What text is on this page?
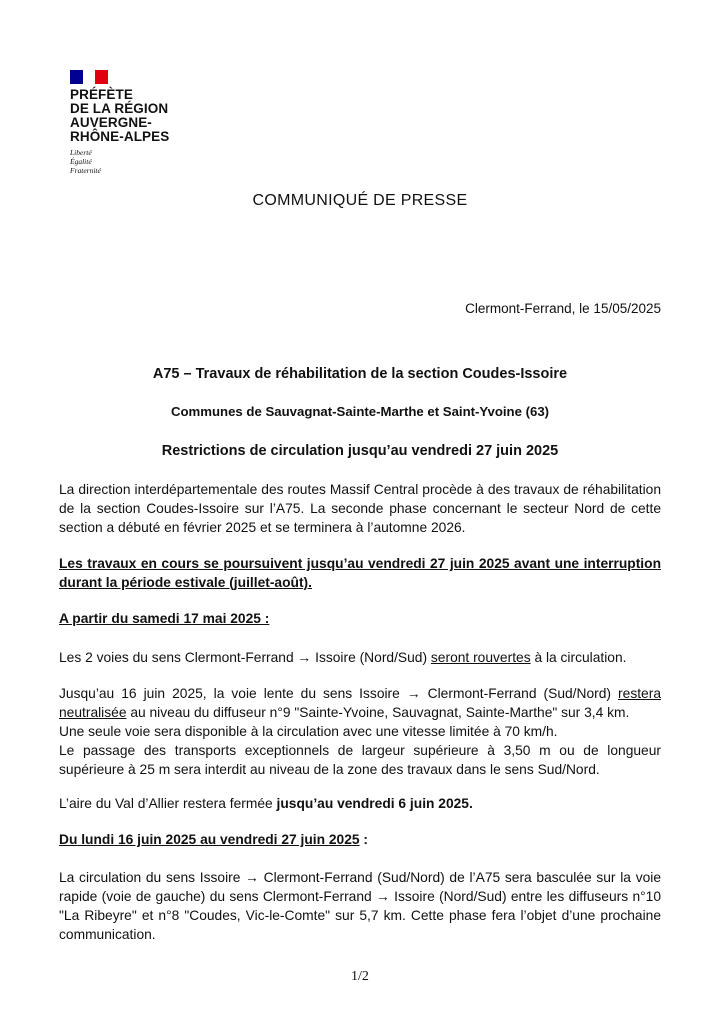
PRÉFÈTE
DE LA RÉGION
AUVERGNE-
RHÔNE-ALPES
Liberté
Égalité
Fraternité
COMMUNIQUÉ DE PRESSE
Clermont-Ferrand, le 15/05/2025
A75 – Travaux de réhabilitation de la section Coudes-Issoire
Communes de Sauvagnat-Sainte-Marthe et Saint-Yvoine (63)
Restrictions de circulation jusqu’au vendredi 27 juin 2025
La direction interdépartementale des routes Massif Central procède à des travaux de réhabilitation de la section Coudes-Issoire sur l’A75. La seconde phase concernant le secteur Nord de cette section a débuté en février 2025 et se terminera à l’automne 2026.
Les travaux en cours se poursuivent jusqu’au vendredi 27 juin 2025 avant une interruption durant la période estivale (juillet-août).
A partir du samedi 17 mai 2025 :
Les 2 voies du sens Clermont-Ferrand → Issoire (Nord/Sud) seront rouvertes à la circulation.
Jusqu’au 16 juin 2025, la voie lente du sens Issoire → Clermont-Ferrand (Sud/Nord) restera neutralisée au niveau du diffuseur n°9 "Sainte-Yvoine, Sauvagnat, Sainte-Marthe" sur 3,4 km.
Une seule voie sera disponible à la circulation avec une vitesse limitée à 70 km/h.
Le passage des transports exceptionnels de largeur supérieure à 3,50 m ou de longueur supérieure à 25 m sera interdit au niveau de la zone des travaux dans le sens Sud/Nord.
L’aire du Val d’Allier restera fermée jusqu’au vendredi 6 juin 2025.
Du lundi 16 juin 2025 au vendredi 27 juin 2025 :
La circulation du sens Issoire → Clermont-Ferrand (Sud/Nord) de l’A75 sera basculée sur la voie rapide (voie de gauche) du sens Clermont-Ferrand → Issoire (Nord/Sud) entre les diffuseurs n°10 "La Ribeyre" et n°8 "Coudes, Vic-le-Comte" sur 5,7 km. Cette phase fera l’objet d’une prochaine communication.
1/2
